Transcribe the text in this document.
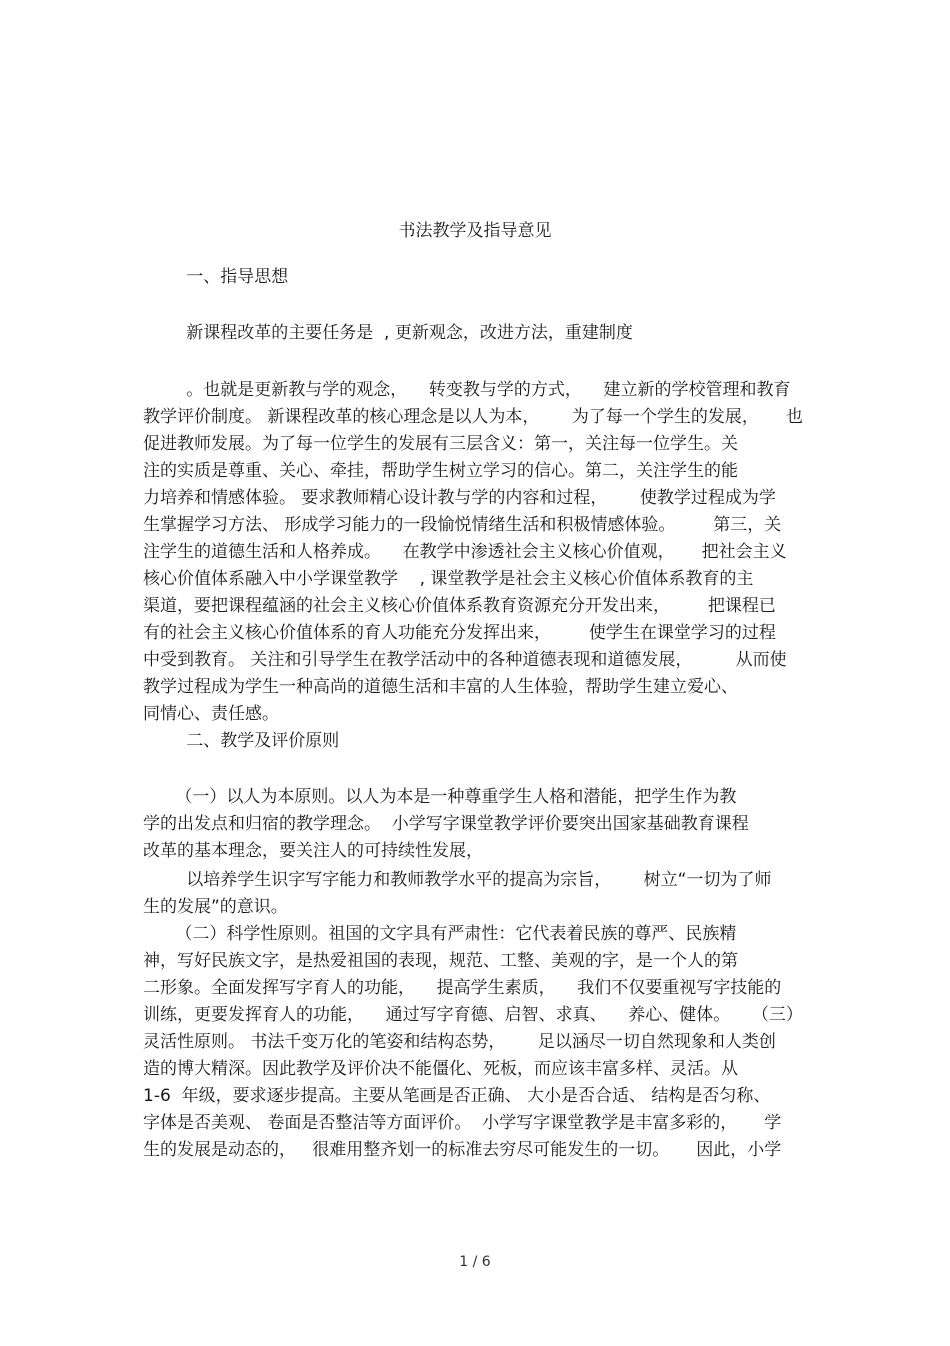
书法教学及指导意见
一、指导思想
新课程改革的主要任务是  , 更新观念，改进方法，重建制度
。也就是更新教与学的观念，    转变教与学的方式，    建立新的学校管理和教育
教学评价制度。 新课程改革的核心理念是以人为本，      为了每一个学生的发展，     也
促进教师发展。为了每一位学生的发展有三层含义：第一，关注每一位学生。关
注的实质是尊重、关心、牵挂，帮助学生树立学习的信心。第二，关注学生的能
力培养和情感体验。 要求教师精心设计教与学的内容和过程，      使教学过程成为学
生掌握学习方法、 形成学习能力的一段愉悦情绪生活和积极情感体验。       第三，关
注学生的道德生活和人格养成。    在教学中渗透社会主义核心价值观，     把社会主义
核心价值体系融入中小学课堂教学    , 课堂教学是社会主义核心价值体系教育的主
渠道，要把课程蕴涵的社会主义核心价值体系教育资源充分开发出来，       把课程已
有的社会主义核心价值体系的育人功能充分发挥出来，       使学生在课堂学习的过程
中受到教育。 关注和引导学生在教学活动中的各种道德表现和道德发展，        从而使
教学过程成为学生一种高尚的道德生活和丰富的人生体验，帮助学生建立爱心、
同情心、责任感。
二、教学及评价原则
（一）以人为本原则。以人为本是一种尊重学生人格和潜能，把学生作为教
学的出发点和归宿的教学理念。  小学写字课堂教学评价要突出国家基础教育课程
改革的基本理念，要关注人的可持续性发展，
以培养学生识字写字能力和教师教学水平的提高为宗旨，      树立“一切为了师
生的发展”的意识。
（二）科学性原则。祖国的文字具有严肃性：它代表着民族的尊严、民族精
神，写好民族文字，是热爱祖国的表现，规范、工整、美观的字，是一个人的第
二形象。全面发挥写字育人的功能，    提高学生素质，    我们不仅要重视写字技能的
训练，更要发挥育人的功能，    通过写字育德、启智、求真、    养心、健体。    （三）
灵活性原则。 书法千变万化的笔姿和结构态势，      足以涵尽一切自然现象和人类创
造的博大精深。因此教学及评价决不能僵化、死板，而应该丰富多样、灵活。从
1-6  年级，要求逐步提高。主要从笔画是否正确、 大小是否合适、 结构是否匀称、
字体是否美观、 卷面是否整洁等方面评价。  小学写字课堂教学是丰富多彩的，     学
生的发展是动态的，   很难用整齐划一的标准去穷尽可能发生的一切。     因此，小学
1 / 6
